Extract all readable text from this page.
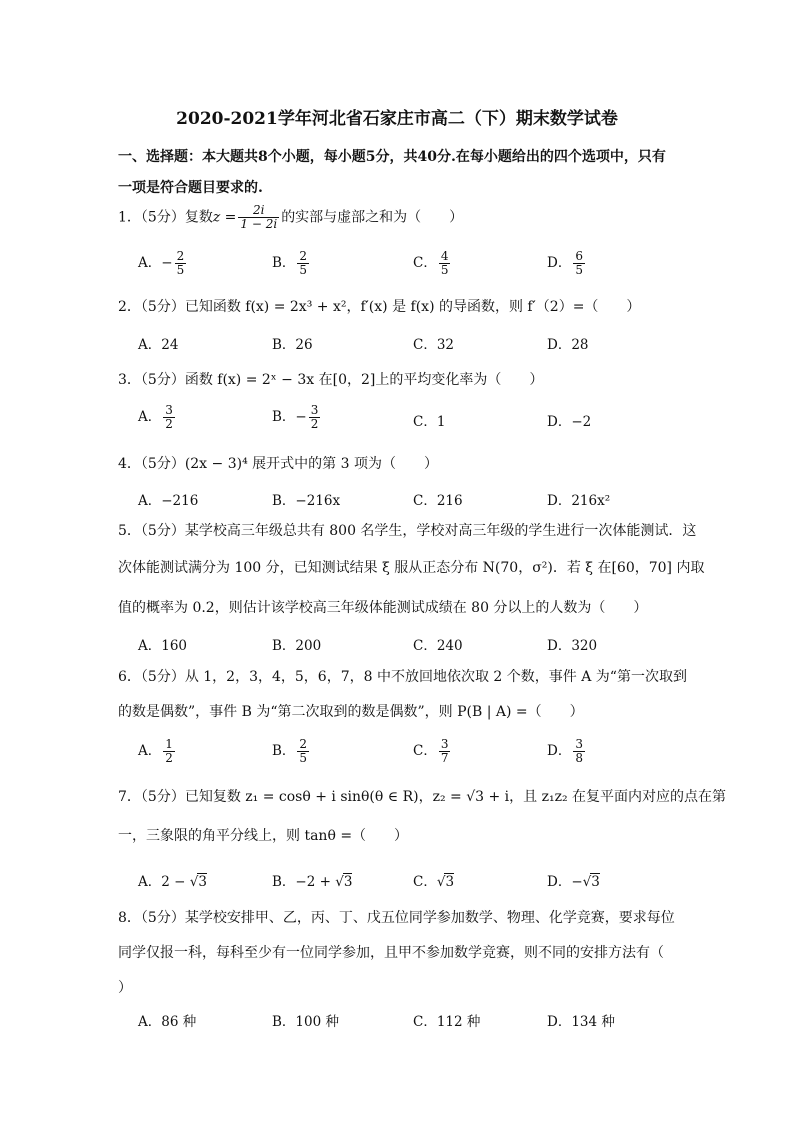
2020-2021学年河北省石家庄市高二（下）期末数学试卷
一、选择题：本大题共8个小题，每小题5分，共40分.在每小题给出的四个选项中，只有
一项是符合题目要求的.
1．（5分）复数$z = \frac{2i}{1 - 2i}$ 的实部与虚部之和为（　　）
A．− $\frac{2}{5}$	B． $\frac{2}{5}$	C． $\frac{4}{5}$	D． $\frac{6}{5}$
2．（5分）已知函数 f(x) = 2x³ + x²，f′(x) 是 f(x) 的导函数，则 f′（2）=（　　）
A．24	B．26	C．32	D．28
3．（5分）函数 f(x) = 2ˣ − 3x 在[0，2]上的平均变化率为（　　）
A． $\frac{3}{2}$	B．− $\frac{3}{2}$	C．1	D．−2
4．（5分）(2x − 3)⁴ 展开式中的第 3 项为（　　）
A．−216	B．−216x	C．216	D．216x²
5．（5分）某学校高三年级总共有 800 名学生，学校对高三年级的学生进行一次体能测试．这
次体能测试满分为 100 分，已知测试结果 ξ 服从正态分布 N(70，σ²)．若 ξ 在[60，70] 内取
值的概率为 0.2，则估计该学校高三年级体能测试成绩在 80 分以上的人数为（　　）
A．160	B．200	C．240	D．320
6．（5分）从 1，2，3，4，5，6，7，8 中不放回地依次取 2 个数，事件 A 为“第一次取到
的数是偶数”，事件 B 为“第二次取到的数是偶数”，则 P(B | A) =（　　）
A． $\frac{1}{2}$	B． $\frac{2}{5}$	C． $\frac{3}{7}$	D． $\frac{3}{8}$
7．（5分）已知复数 z₁ = cosθ + i sinθ(θ ∈ R)，z₂ = √3 + i，且 z₁z₂ 在复平面内对应的点在第
一，三象限的角平分线上，则 tanθ =（　　）
A．2 − √3	B．−2 + √3	C．√3	D．−√3
8．（5分）某学校安排甲、乙，丙、丁、戊五位同学参加数学、物理、化学竞赛，要求每位
同学仅报一科，每科至少有一位同学参加，且甲不参加数学竞赛，则不同的安排方法有（
）
A．86 种	B．100 种	C．112 种	D．134 种
